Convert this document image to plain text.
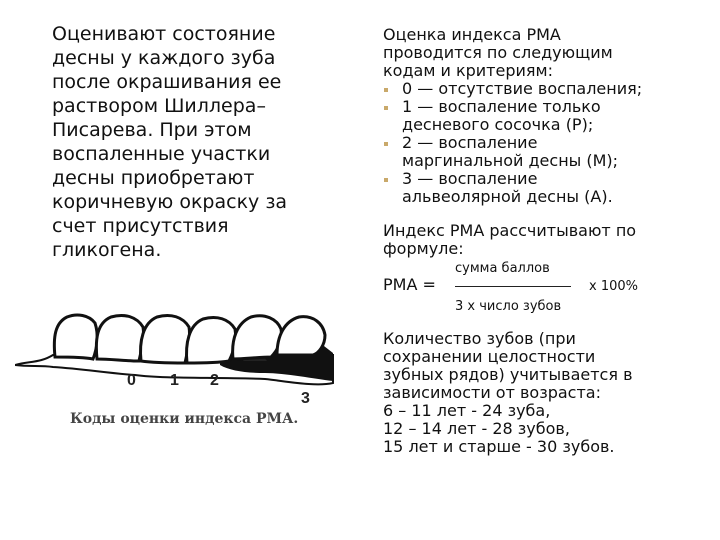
Оценивают состояние
десны у каждого зуба
после окрашивания ее
раствором Шиллера–
Писарева. При этом
воспаленные участки
десны приобретают
коричневую окраску за
счет присутствия
гликогена.
0 1 2
3
Коды оценки индекса РМА.
Оценка индекса РМА
проводится по следующим
кодам и критериям:
0 — отсутствие воспаления;
1 — воспаление только
десневого сосочка (Р);
2 — воспаление
маргинальной десны (М);
3 — воспаление
альвеолярной десны (А).
Индекс РМА рассчитывают по
формуле:
сумма баллов
3 х число зубов
РМА =	х 100%
Количество зубов (при
сохранении целостности
зубных рядов) учитывается в
зависимости от возраста:
6 – 11 лет - 24 зуба,
12 – 14 лет - 28 зубов,
15 лет и старше - 30 зубов.
